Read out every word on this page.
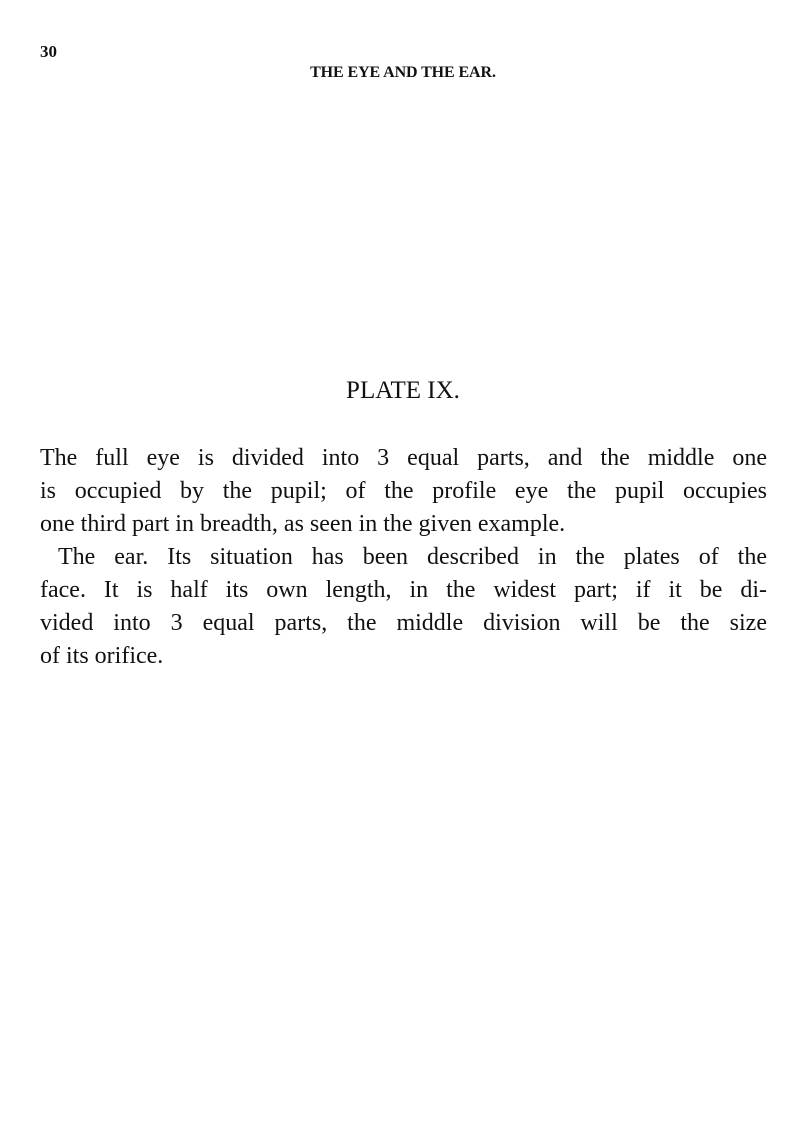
30
THE EYE AND THE EAR.
PLATE IX.

The full eye is divided into 3 equal parts, and the middle one

is occupied by the pupil; of the profile eye the pupil occupies

one third part in breadth, as seen in the given example.

The ear. Its situation has been described in the plates of the

face. It is half its own length, in the widest part; if it be di-

vided into 3 equal parts, the middle division will be the size

of its orifice.
